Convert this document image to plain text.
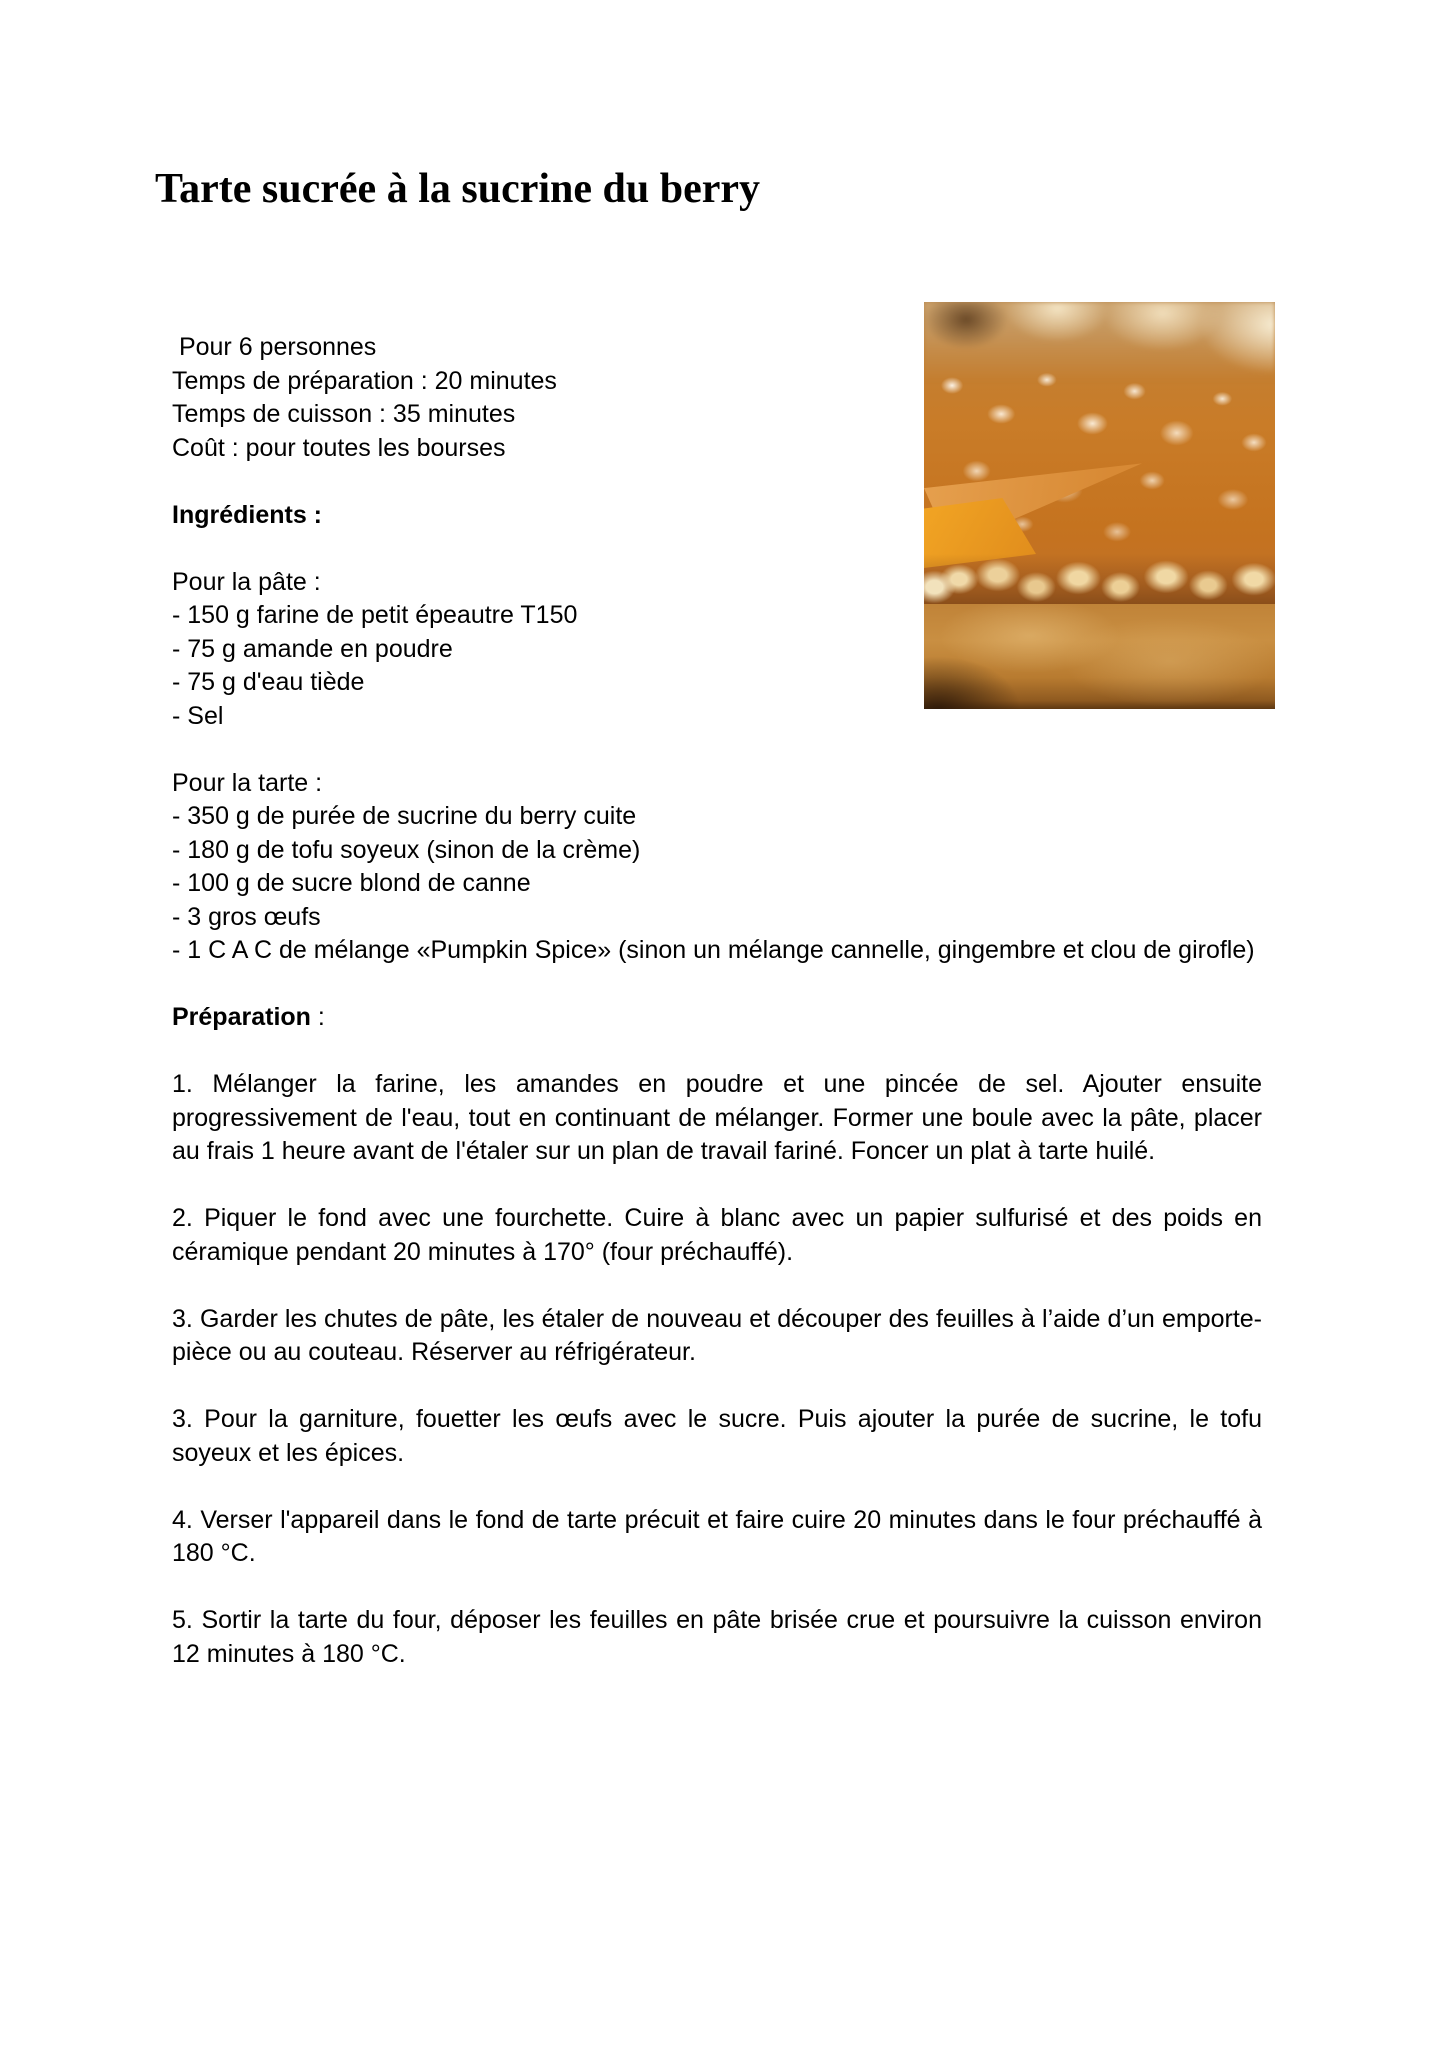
Tarte sucrée à la sucrine du berry
Pour 6 personnes
Temps de préparation : 20 minutes
Temps de cuisson : 35 minutes
Coût : pour toutes les bourses
Ingrédients :
Pour la pâte :
- 150 g farine de petit épeautre T150
- 75 g amande en poudre
- 75 g d'eau tiède
- Sel
Pour la tarte :
- 350 g de purée de sucrine du berry cuite
- 180 g de tofu soyeux (sinon de la crème)
- 100 g de sucre blond de canne
- 3 gros œufs
- 1 C A C de mélange «Pumpkin Spice» (sinon un mélange cannelle, gingembre et clou de girofle)
Préparation :

1. Mélanger la farine, les amandes en poudre et une pincée de sel. Ajouter ensuite progressivement de l'eau, tout en continuant de mélanger. Former une boule avec la pâte, placer au frais 1 heure avant de l'étaler sur un plan de travail fariné. Foncer un plat à tarte huilé.

2. Piquer le fond avec une fourchette. Cuire à blanc avec un papier sulfurisé et des poids en céramique pendant 20 minutes à 170° (four préchauffé).

3. Garder les chutes de pâte, les étaler de nouveau et découper des feuilles à l’aide d’un emporte-pièce ou au couteau. Réserver au réfrigérateur.

3. Pour la garniture, fouetter les œufs avec le sucre. Puis ajouter la purée de sucrine, le tofu soyeux et les épices.

4. Verser l'appareil dans le fond de tarte précuit et faire cuire 20 minutes dans le four préchauffé à 180 °C.

5. Sortir la tarte du four, déposer les feuilles en pâte brisée crue et poursuivre la cuisson environ 12 minutes à 180 °C.
